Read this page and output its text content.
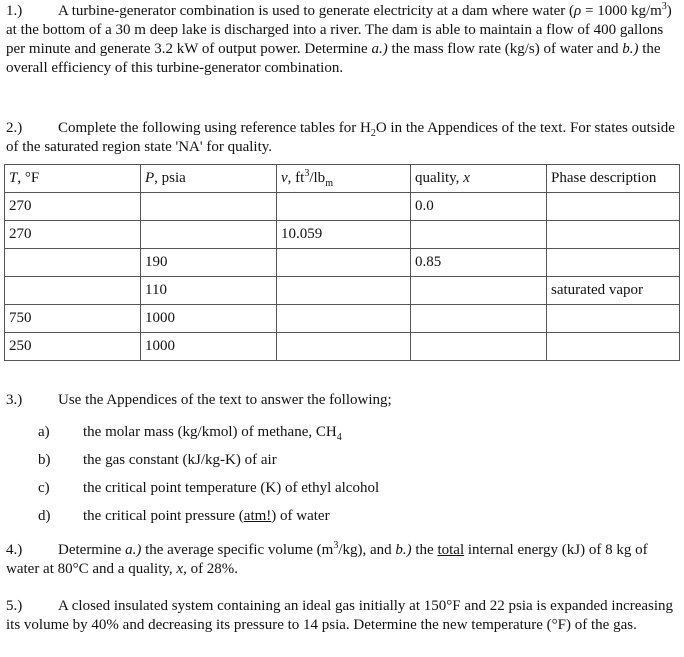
1.) A turbine-generator combination is used to generate electricity at a dam where water (ρ = 1000 $kg/m^3$) at the bottom of a 30 m deep lake is discharged into a river. The dam is able to maintain a flow of 400 gallons per minute and generate 3.2 kW of output power. Determine a.) the mass flow rate (kg/s) of water and b.) the overall efficiency of this turbine-generator combination.

2.) Complete the following using reference tables for $H_2O$ in the Appendices of the text. For states outside of the saturated region state 'NA' for quality.

T, °F	P, psia	v, $ft^3/lb_m$	quality, x	Phase description
270			0.0	
270		10.059		
	190		0.85	
	110			saturated vapor
750	1000			
250	1000			

3.) Use the Appendices of the text to answer the following;

a) the molar mass (kg/kmol) of methane, $CH_4$
b) the gas constant (kJ/kg-K) of air
c) the critical point temperature (K) of ethyl alcohol
d) the critical point pressure (atm!) of water

4.) Determine a.) the average specific volume $(m^3/kg)$, and b.) the total internal energy (kJ) of 8 kg of water at 80°C and a quality, x, of 28%.

5.) A closed insulated system containing an ideal gas initially at 150°F and 22 psia is expanded increasing its volume by 40% and decreasing its pressure to 14 psia. Determine the new temperature (°F) of the gas.
